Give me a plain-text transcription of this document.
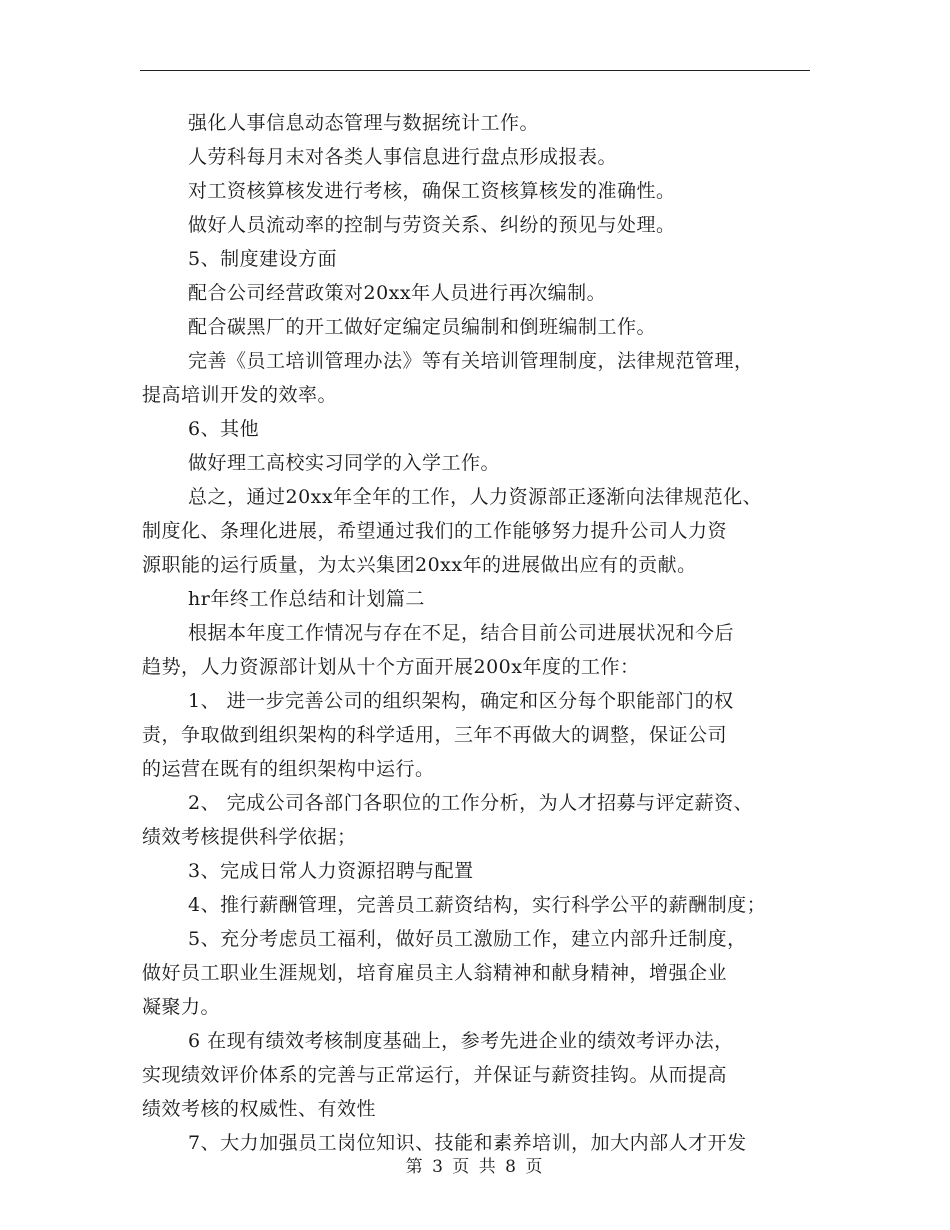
强化人事信息动态管理与数据统计工作。
人劳科每月末对各类人事信息进行盘点形成报表。
对工资核算核发进行考核，确保工资核算核发的准确性。
做好人员流动率的控制与劳资关系、纠纷的预见与处理。
5、制度建设方面
配合公司经营政策对20xx年人员进行再次编制。
配合碳黑厂的开工做好定编定员编制和倒班编制工作。
完善《员工培训管理办法》等有关培训管理制度，法律规范管理，
提高培训开发的效率。
6、其他
做好理工高校实习同学的入学工作。
总之，通过20xx年全年的工作，人力资源部正逐渐向法律规范化、
制度化、条理化进展，希望通过我们的工作能够努力提升公司人力资
源职能的运行质量，为太兴集团20xx年的进展做出应有的贡献。
hr年终工作总结和计划篇二
根据本年度工作情况与存在不足，结合目前公司进展状况和今后
趋势，人力资源部计划从十个方面开展200x年度的工作：
1、 进一步完善公司的组织架构，确定和区分每个职能部门的权
责，争取做到组织架构的科学适用，三年不再做大的调整，保证公司
的运营在既有的组织架构中运行。
2、 完成公司各部门各职位的工作分析，为人才招募与评定薪资、
绩效考核提供科学依据；
3、完成日常人力资源招聘与配置
4、推行薪酬管理，完善员工薪资结构，实行科学公平的薪酬制度；
5、充分考虑员工福利，做好员工激励工作，建立内部升迁制度，
做好员工职业生涯规划，培育雇员主人翁精神和献身精神，增强企业
凝聚力。
6 在现有绩效考核制度基础上，参考先进企业的绩效考评办法，
实现绩效评价体系的完善与正常运行，并保证与薪资挂钩。从而提高
绩效考核的权威性、有效性
7、大力加强员工岗位知识、技能和素养培训，加大内部人才开发
第 3 页 共 8 页
